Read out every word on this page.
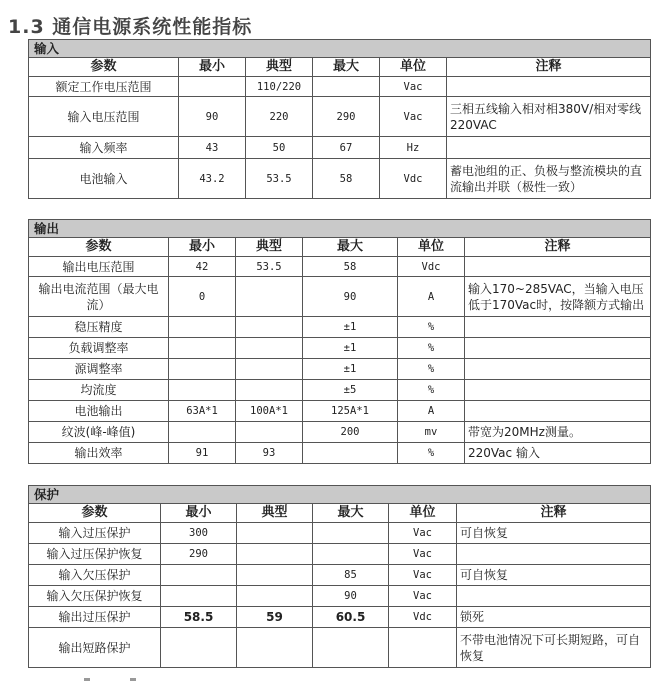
1.3 通信电源系统性能指标
输入					
参数	最小	典型	最大	单位	注释
额定工作电压范围		110/220		Vac	
输入电压范围	90	220	290	Vac	三相五线输入相对相380V/相对零线220VAC
输入频率	43	50	67	Hz	
电池输入	43.2	53.5	58	Vdc	蓄电池组的正、负极与整流模块的直流输出并联（极性一致）
输出					
参数	最小	典型	最大	单位	注释
输出电压范围	42	53.5	58	Vdc	
输出电流范围（最大电流）	0		90	A	输入170~285VAC，当输入电压低于170Vac时，按降额方式输出
稳压精度			±1	%	
负载调整率			±1	%	
源调整率			±1	%	
均流度			±5	%	
电池输出	63A*1	100A*1	125A*1	A	
纹波(峰-峰值)			200	mv	带宽为20MHz测量。
输出效率	91	93		%	220Vac 输入
保护					
参数	最小	典型	最大	单位	注释
输入过压保护	300			Vac	可自恢复
输入过压保护恢复	290			Vac	
输入欠压保护			85	Vac	可自恢复
输入欠压保护恢复			90	Vac	
输出过压保护	58.5	59	60.5	Vdc	锁死
输出短路保护					不带电池情况下可长期短路，可自恢复
